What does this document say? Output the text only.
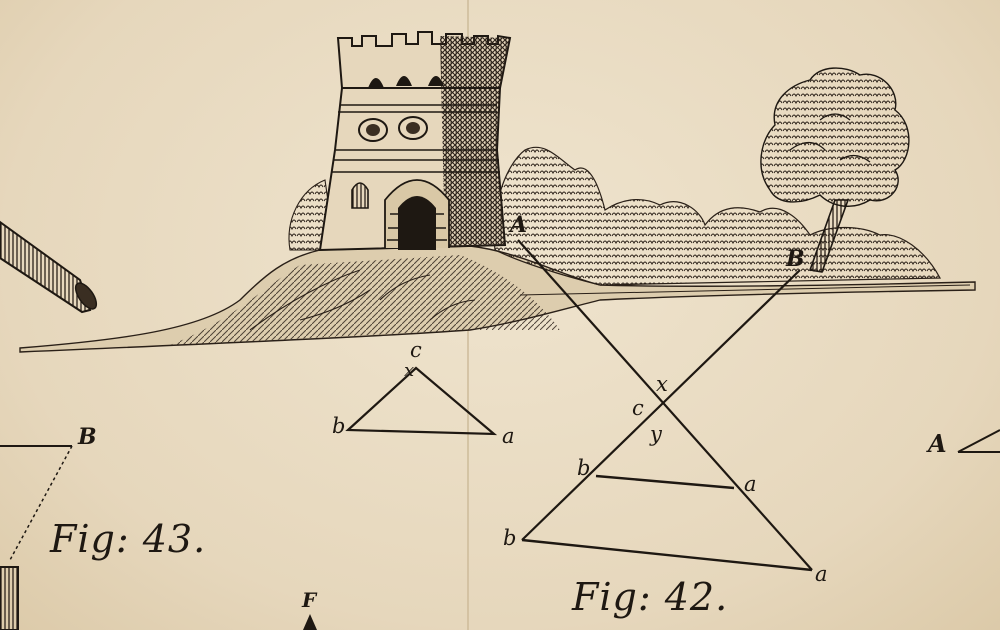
A
B
c
x
b	a
x
c
y
b
a
b
a
B	A
F
Fig: 43.
Fig: 42.
